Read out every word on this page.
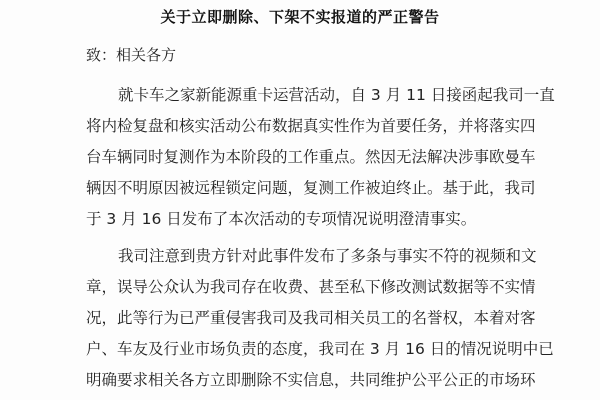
关于立即删除、下架不实报道的严正警告
致：相关各方
就卡车之家新能源重卡运营活动，自 3 月 11 日接函起我司一直
将内检复盘和核实活动公布数据真实性作为首要任务，并将落实四
台车辆同时复测作为本阶段的工作重点。然因无法解决涉事欧曼车
辆因不明原因被远程锁定问题，复测工作被迫终止。基于此，我司
于 3 月 16 日发布了本次活动的专项情况说明澄清事实。
我司注意到贵方针对此事件发布了多条与事实不符的视频和文
章，误导公众认为我司存在收费、甚至私下修改测试数据等不实情
况，此等行为已严重侵害我司及我司相关员工的名誉权，本着对客
户、车友及行业市场负责的态度，我司在 3 月 16 日的情况说明中已
明确要求相关各方立即删除不实信息，共同维护公平公正的市场环
